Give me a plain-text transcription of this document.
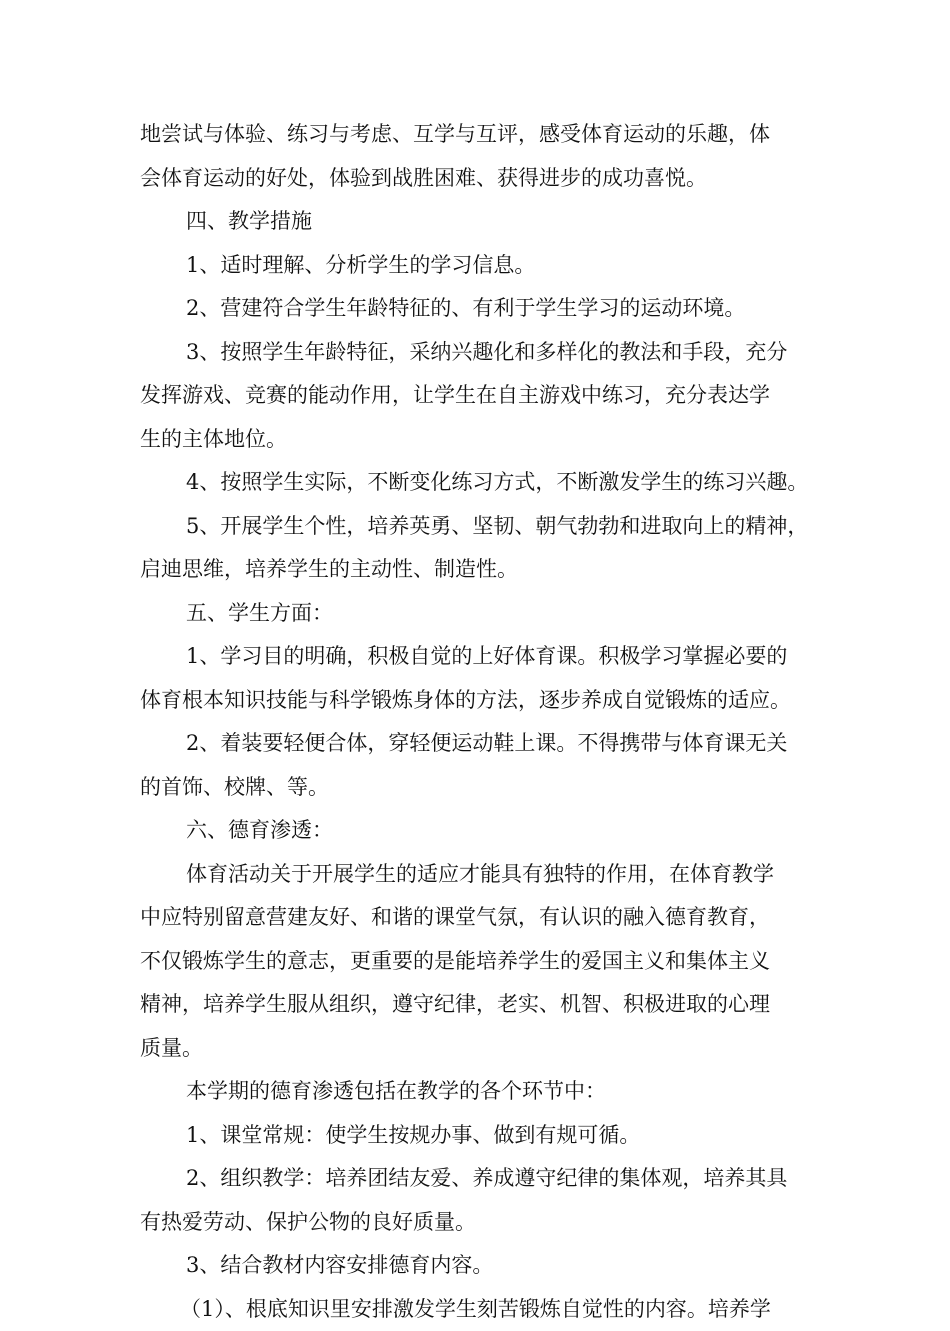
地尝试与体验、练习与考虑、互学与互评，感受体育运动的乐趣，体
会体育运动的好处，体验到战胜困难、获得进步的成功喜悦。
四、教学措施
1、适时理解、分析学生的学习信息。
2、营建符合学生年龄特征的、有利于学生学习的运动环境。
3、按照学生年龄特征，采纳兴趣化和多样化的教法和手段，充分
发挥游戏、竞赛的能动作用，让学生在自主游戏中练习，充分表达学
生的主体地位。
4、按照学生实际，不断变化练习方式，不断激发学生的练习兴趣。
5、开展学生个性，培养英勇、坚韧、朝气勃勃和进取向上的精神，
启迪思维，培养学生的主动性、制造性。
五、学生方面：
1、学习目的明确，积极自觉的上好体育课。积极学习掌握必要的
体育根本知识技能与科学锻炼身体的方法，逐步养成自觉锻炼的适应。
2、着装要轻便合体，穿轻便运动鞋上课。不得携带与体育课无关
的首饰、校牌、等。
六、德育渗透：
体育活动关于开展学生的适应才能具有独特的作用，在体育教学
中应特别留意营建友好、和谐的课堂气氛，有认识的融入德育教育，
不仅锻炼学生的意志，更重要的是能培养学生的爱国主义和集体主义
精神，培养学生服从组织，遵守纪律，老实、机智、积极进取的心理
质量。
本学期的德育渗透包括在教学的各个环节中：
1、课堂常规：使学生按规办事、做到有规可循。
2、组织教学：培养团结友爱、养成遵守纪律的集体观，培养其具
有热爱劳动、保护公物的良好质量。
3、结合教材内容安排德育内容。
（1）、根底知识里安排激发学生刻苦锻炼自觉性的内容。培养学
